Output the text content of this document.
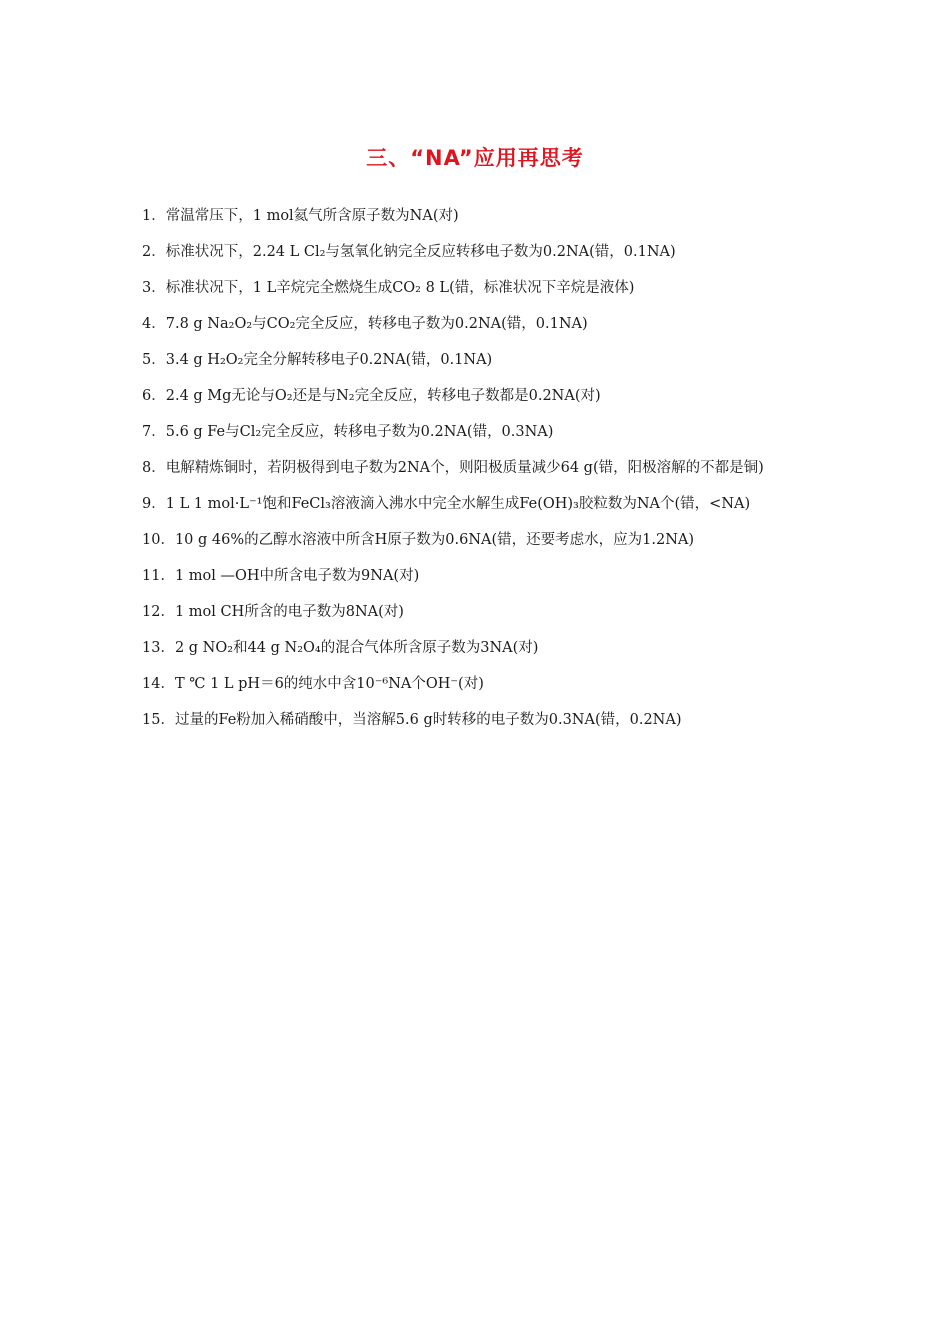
三、“NA”应用再思考
1．常温常压下，1 mol氦气所含原子数为NA(对)
2．标准状况下，2.24 L Cl₂与氢氧化钠完全反应转移电子数为0.2NA(错，0.1NA)
3．标准状况下，1 L辛烷完全燃烧生成CO₂ 8 L(错，标准状况下辛烷是液体)
4．7.8 g Na₂O₂与CO₂完全反应，转移电子数为0.2NA(错，0.1NA)
5．3.4 g H₂O₂完全分解转移电子0.2NA(错，0.1NA)
6．2.4 g Mg无论与O₂还是与N₂完全反应，转移电子数都是0.2NA(对)
7．5.6 g Fe与Cl₂完全反应，转移电子数为0.2NA(错，0.3NA)
8．电解精炼铜时，若阴极得到电子数为2NA个，则阳极质量减少64 g(错，阳极溶解的不都是铜)
9．1 L 1 mol·L⁻¹饱和FeCl₃溶液滴入沸水中完全水解生成Fe(OH)₃胶粒数为NA个(错，<NA)
10．10 g 46%的乙醇水溶液中所含H原子数为0.6NA(错，还要考虑水，应为1.2NA)
11．1 mol —OH中所含电子数为9NA(对)
12．1 mol CH所含的电子数为8NA(对)
13．2 g NO₂和44 g N₂O₄的混合气体所含原子数为3NA(对)
14．T ℃ 1 L pH＝6的纯水中含10⁻⁶NA个OH⁻(对)
15．过量的Fe粉加入稀硝酸中，当溶解5.6 g时转移的电子数为0.3NA(错，0.2NA)
